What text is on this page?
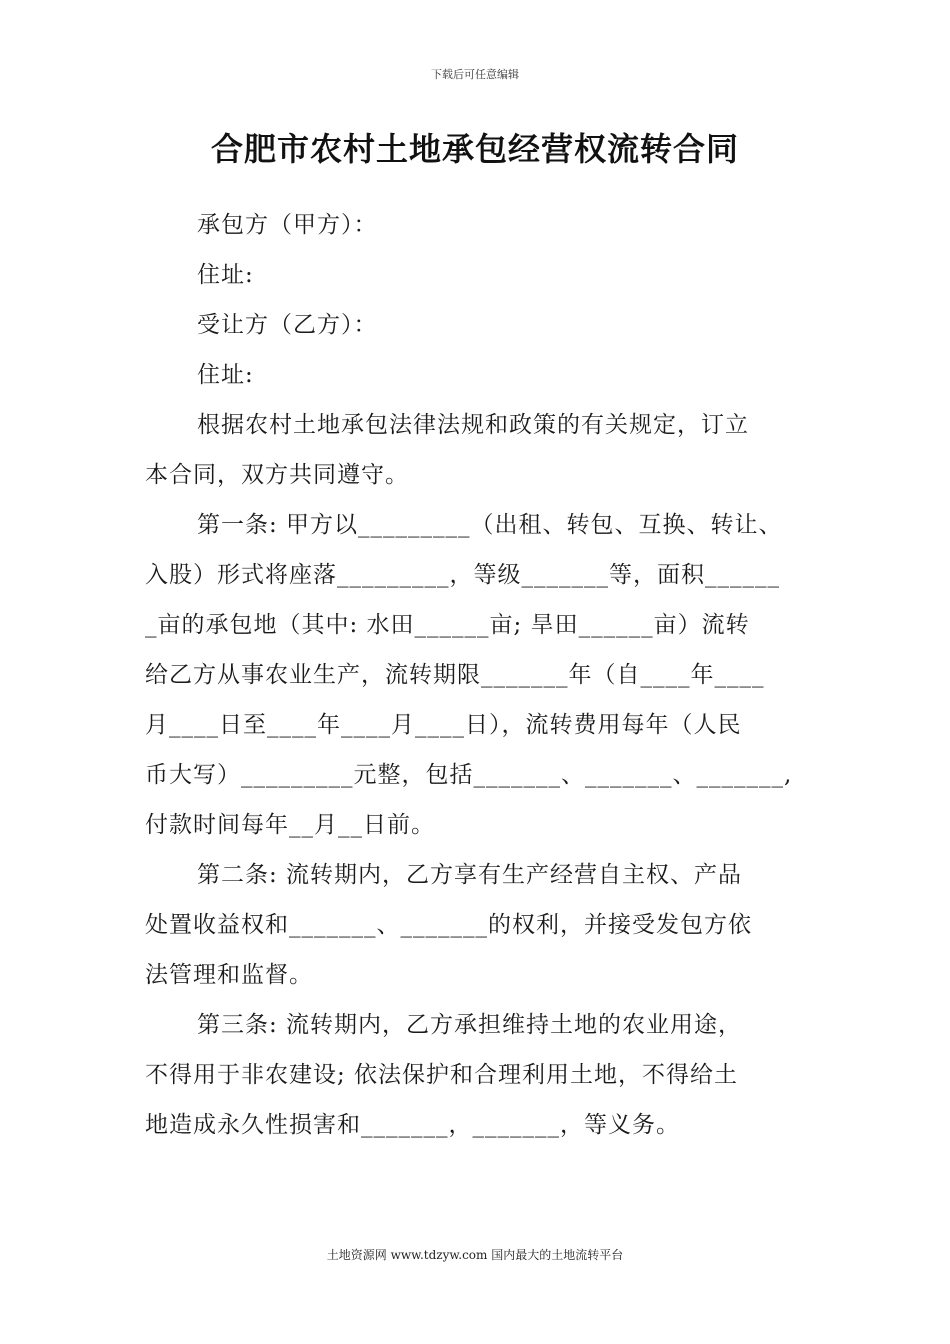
下载后可任意编辑
合肥市农村土地承包经营权流转合同
承包方（甲方）：
住址:
受让方（乙方）：
住址:
根据农村土地承包法律法规和政策的有关规定，订立
本合同，双方共同遵守。
第一条: 甲方以_________（出租、转包、互换、转让、
入股）形式将座落_________，等级_______等，面积______
_亩的承包地（其中: 水田______亩; 旱田______亩）流转
给乙方从事农业生产，流转期限_______年（自____年____
月____日至____年____月____日），流转费用每年（人民
币大写）_________元整，包括_______、_______、_______,
付款时间每年__月__日前。
第二条: 流转期内，乙方享有生产经营自主权、产品
处置收益权和_______、_______的权利，并接受发包方依
法管理和监督。
第三条: 流转期内，乙方承担维持土地的农业用途，
不得用于非农建设; 依法保护和合理利用土地，不得给土
地造成永久性损害和_______，_______，等义务。
土地资源网 www.tdzyw.com 国内最大的土地流转平台
